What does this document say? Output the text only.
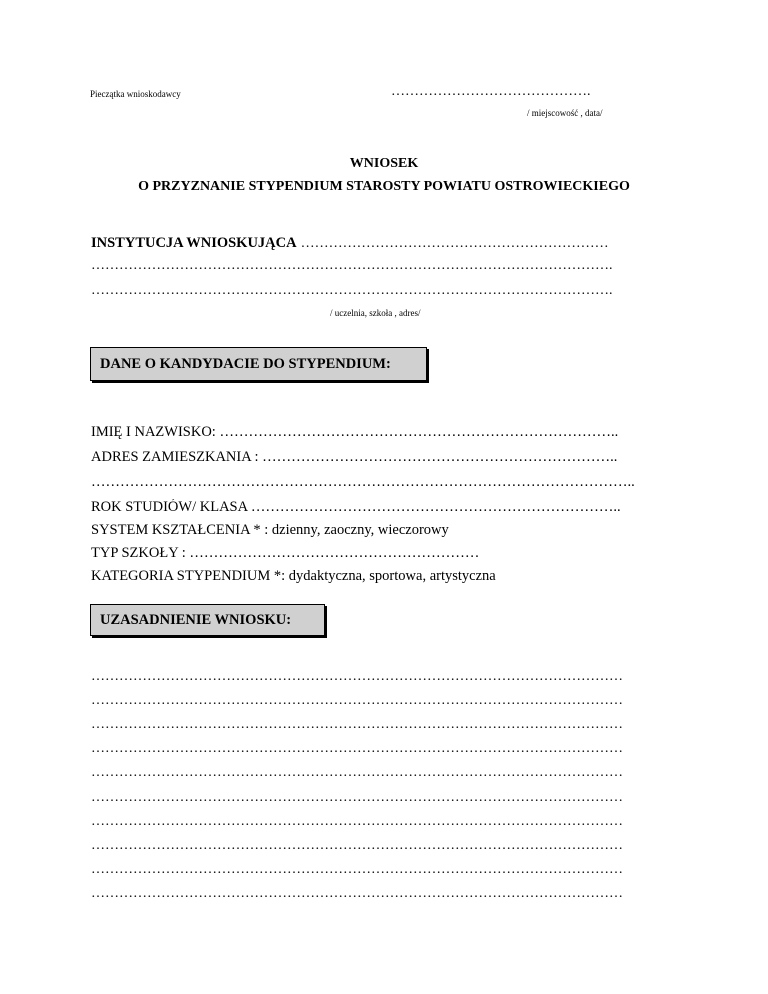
Pieczątka wnioskodawcy	…………………………………….
/ miejscowość , data/
WNIOSEK
O PRZYZNANIE STYPENDIUM STAROSTY POWIATU OSTROWIECKIEGO
INSTYTUCJA WNIOSKUJĄCA …………………………………………………………
………………………………………………………………………………………………….
………………………………………………………………………………………………….
/ uczelnia, szkoła , adres/
DANE O KANDYDACIE DO STYPENDIUM:
IMIĘ I NAZWISKO: ………………………………………………………………………..
ADRES ZAMIESZKANIA : ………………………………………………………………..
…………………………………………………………………………………………………..
ROK STUDIÓW/ KLASA …………………………………………………………………..
SYSTEM KSZTAŁCENIA * : dzienny, zaoczny, wieczorowy
TYP SZKOŁY : ……………………………………………………
KATEGORIA STYPENDIUM *: dydaktyczna, sportowa, artystyczna
UZASADNIENIE WNIOSKU:
……………………………………………………………………………………………………
……………………………………………………………………………………………………
……………………………………………………………………………………………………
……………………………………………………………………………………………………
……………………………………………………………………………………………………
……………………………………………………………………………………………………
……………………………………………………………………………………………………
……………………………………………………………………………………………………
……………………………………………………………………………………………………
……………………………………………………………………………………………………
